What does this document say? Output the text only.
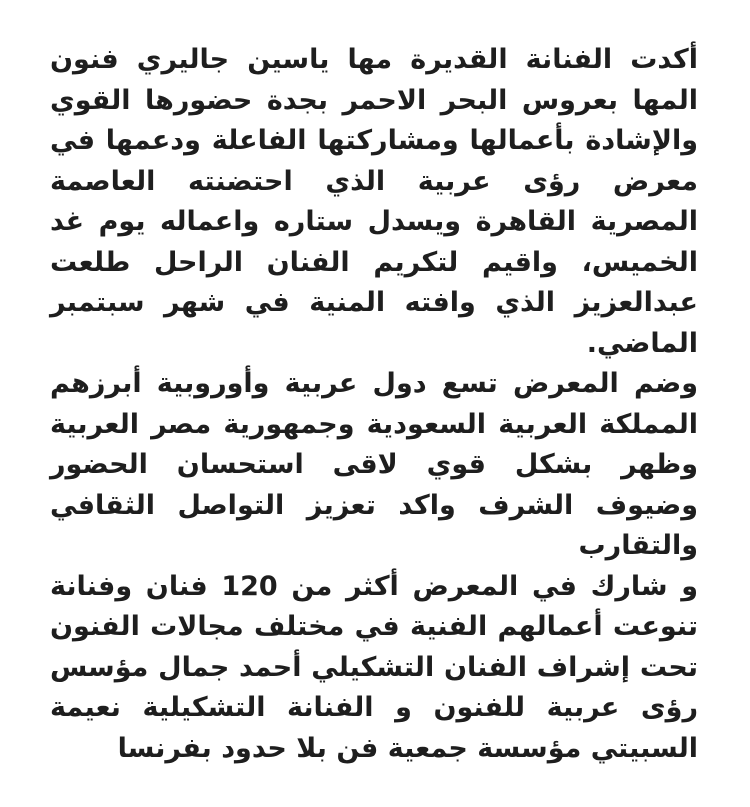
أكدت الفنانة القديرة مها ياسين جاليري فنون المها بعروس البحر الاحمر بجدة حضورها القوي والإشادة بأعمالها ومشاركتها الفاعلة ودعمها في معرض رؤى عربية الذي احتضنته العاصمة المصرية القاهرة ويسدل ستاره واعماله يوم غد الخميس، واقيم لتكريم الفنان الراحل طلعت عبدالعزيز الذي وافته المنية في شهر سبتمبر الماضي.

وضم المعرض تسع دول عربية وأوروبية أبرزهم المملكة العربية السعودية وجمهورية مصر العربية وظهر بشكل قوي لاقى استحسان الحضور وضيوف الشرف واكد تعزيز التواصل الثقافي والتقارب

و شارك في المعرض أكثر من 120 فنان وفنانة تنوعت أعمالهم الفنية في مختلف مجالات الفنون تحت إشراف الفنان التشكيلي أحمد جمال مؤسس رؤى عربية للفنون و الفنانة التشكيلية نعيمة السبيتي مؤسسة جمعية فن بلا حدود بفرنسا
